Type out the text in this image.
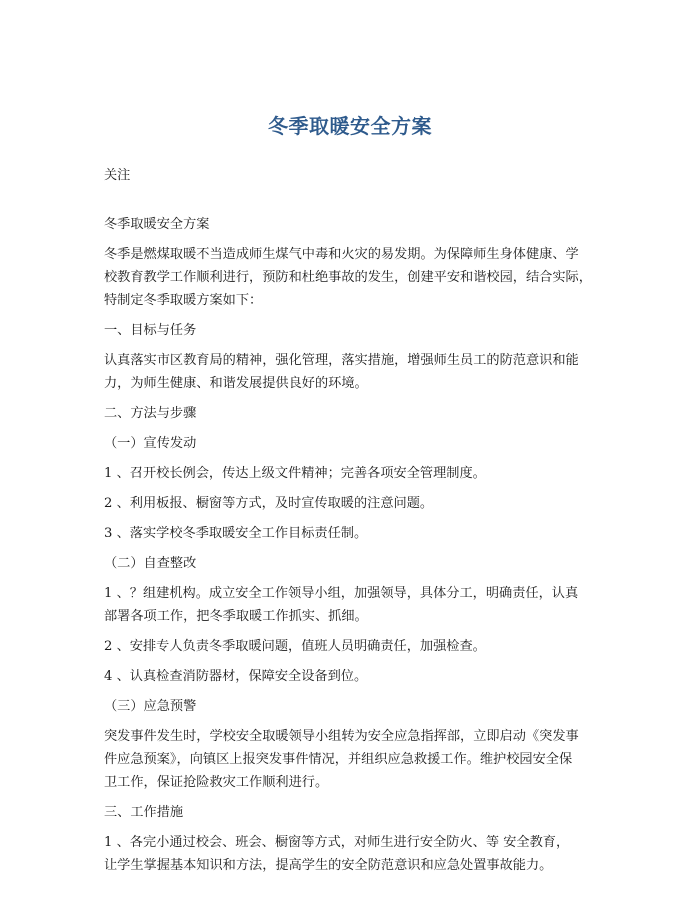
冬季取暖安全方案
关注
冬季取暖安全方案
冬季是燃煤取暖不当造成师生煤气中毒和火灾的易发期。为保障师生身体健康、学
校教育教学工作顺利进行，预防和杜绝事故的发生，创建平安和谐校园，结合实际，
特制定冬季取暖方案如下：
一、目标与任务
认真落实市区教育局的精神，强化管理，落实措施，增强师生员工的防范意识和能
力，为师生健康、和谐发展提供良好的环境。
二、方法与步骤
（一）宣传发动
1 、召开校长例会，传达上级文件精神；完善各项安全管理制度。
2 、利用板报、橱窗等方式，及时宣传取暖的注意问题。
3 、落实学校冬季取暖安全工作目标责任制。
（二）自查整改
1 、？组建机构。成立安全工作领导小组，加强领导，具体分工，明确责任，认真
部署各项工作，把冬季取暖工作抓实、抓细。
2 、安排专人负责冬季取暖问题，值班人员明确责任，加强检查。
4 、认真检查消防器材，保障安全设备到位。
（三）应急预警
突发事件发生时，学校安全取暖领导小组转为安全应急指挥部，立即启动《突发事
件应急预案》，向镇区上报突发事件情况，并组织应急救援工作。维护校园安全保
卫工作，保证抢险救灾工作顺利进行。
三、工作措施
1 、各完小通过校会、班会、橱窗等方式，对师生进行安全防火、等 安全教育，
让学生掌握基本知识和方法，提高学生的安全防范意识和应急处置事故能力。
